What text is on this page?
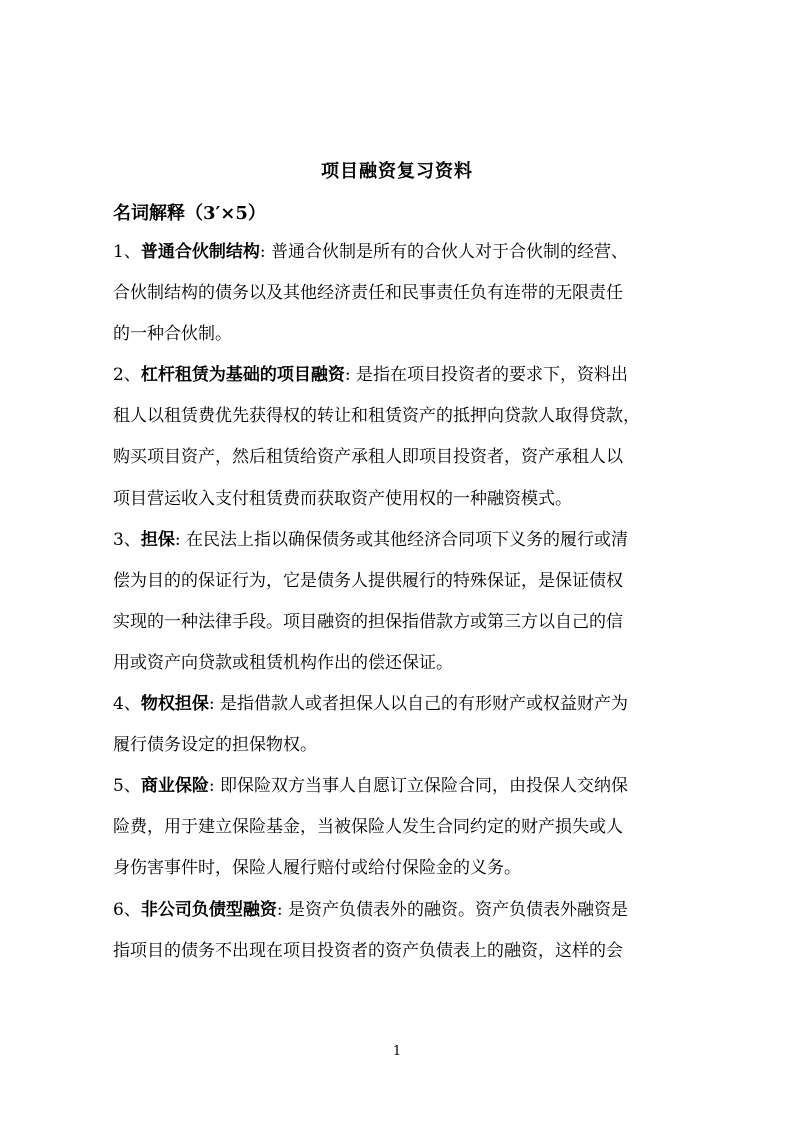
项目融资复习资料
名词解释（3′×5）
1、普通合伙制结构: 普通合伙制是所有的合伙人对于合伙制的经营、
合伙制结构的债务以及其他经济责任和民事责任负有连带的无限责任
的一种合伙制。
2、杠杆租赁为基础的项目融资: 是指在项目投资者的要求下，资料出
租人以租赁费优先获得权的转让和租赁资产的抵押向贷款人取得贷款，
购买项目资产，然后租赁给资产承租人即项目投资者，资产承租人以
项目营运收入支付租赁费而获取资产使用权的一种融资模式。
3、担保: 在民法上指以确保债务或其他经济合同项下义务的履行或清
偿为目的的保证行为，它是债务人提供履行的特殊保证，是保证债权
实现的一种法律手段。项目融资的担保指借款方或第三方以自己的信
用或资产向贷款或租赁机构作出的偿还保证。
4、物权担保: 是指借款人或者担保人以自己的有形财产或权益财产为
履行债务设定的担保物权。
5、商业保险: 即保险双方当事人自愿订立保险合同，由投保人交纳保
险费，用于建立保险基金，当被保险人发生合同约定的财产损失或人
身伤害事件时，保险人履行赔付或给付保险金的义务。
6、非公司负债型融资: 是资产负债表外的融资。资产负债表外融资是
指项目的债务不出现在项目投资者的资产负债表上的融资，这样的会
1
